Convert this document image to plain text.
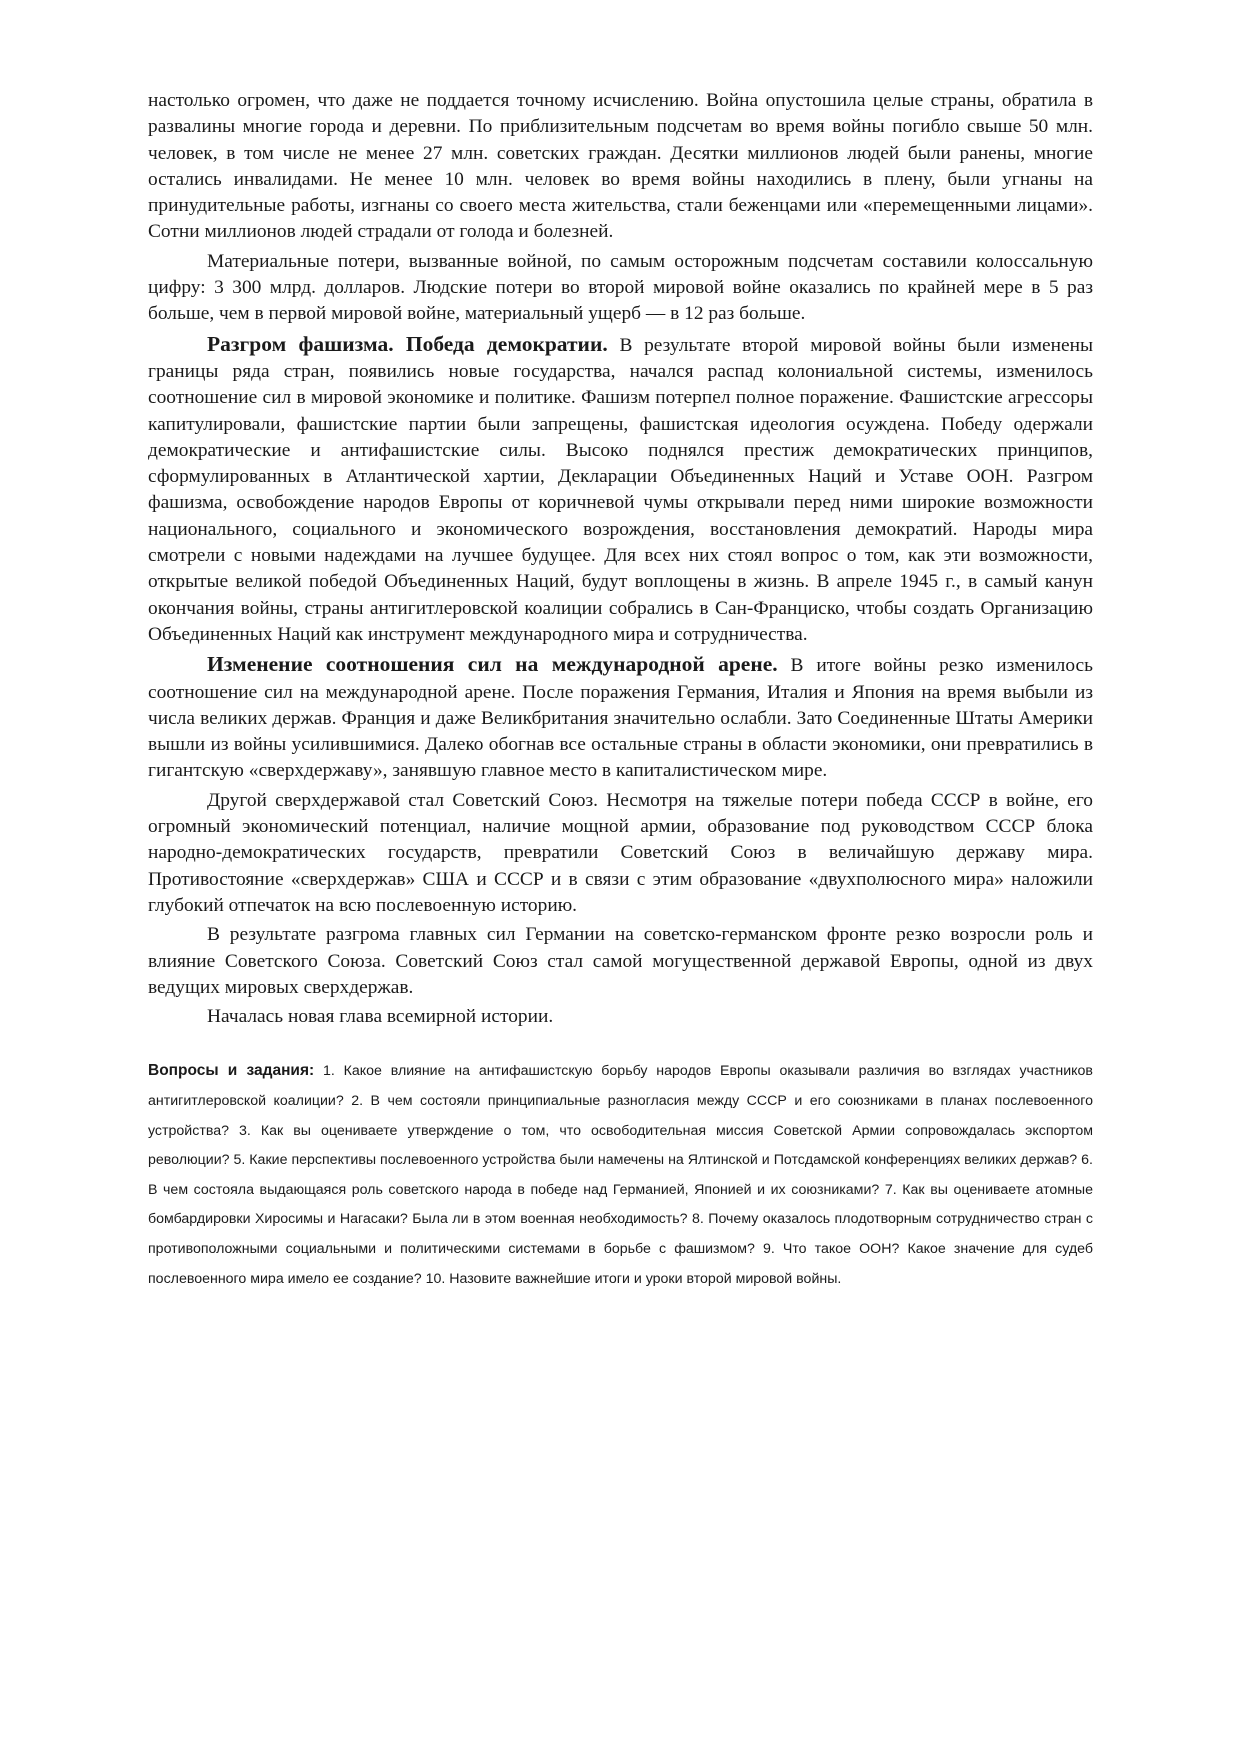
настолько огромен, что даже не поддается точному исчислению. Война опустошила целые страны, обратила в развалины многие города и деревни. По приблизительным подсчетам во время войны погибло свыше 50 млн. человек, в том числе не менее 27 млн. советских граждан. Десятки миллионов людей были ранены, многие остались инвалидами. Не менее 10 млн. человек во время войны находились в плену, были угнаны на принудительные работы, изгнаны со своего места жительства, стали беженцами или «перемещенными лицами». Сотни миллионов людей страдали от голода и болезней.

Материальные потери, вызванные войной, по самым осторожным подсчетам составили колоссальную цифру: 3 300 млрд. долларов. Людские потери во второй мировой войне оказались по крайней мере в 5 раз больше, чем в первой мировой войне, материальный ущерб — в 12 раз больше.

Разгром фашизма. Победа демократии. В результате второй мировой войны были изменены границы ряда стран, появились новые государства, начался распад колониальной системы, изменилось соотношение сил в мировой экономике и политике. Фашизм потерпел полное поражение. Фашистские агрессоры капитулировали, фашистские партии были запрещены, фашистская идеология осуждена. Победу одержали демократические и антифашистские силы. Высоко поднялся престиж демократических принципов, сформулированных в Атлантической хартии, Декларации Объединенных Наций и Уставе ООН. Разгром фашизма, освобождение народов Европы от коричневой чумы открывали перед ними широкие возможности национального, социального и экономического возрождения, восстановления демократий. Народы мира смотрели с новыми надеждами на лучшее будущее. Для всех них стоял вопрос о том, как эти возможности, открытые великой победой Объединенных Наций, будут воплощены в жизнь. В апреле 1945 г., в самый канун окончания войны, страны антигитлеровской коалиции собрались в Сан-Франциско, чтобы создать Организацию Объединенных Наций как инструмент международного мира и сотрудничества.

Изменение соотношения сил на международной арене. В итоге войны резко изменилось соотношение сил на международной арене. После поражения Германия, Италия и Япония на время выбыли из числа великих держав. Франция и даже Великбритания значительно ослабли. Зато Соединенные Штаты Америки вышли из войны усилившимися. Далеко обогнав все остальные страны в области экономики, они превратились в гигантскую «сверхдержаву», занявшую главное место в капиталистическом мире.

Другой сверхдержавой стал Советский Союз. Несмотря на тяжелые потери победа СССР в войне, его огромный экономический потенциал, наличие мощной армии, образование под руководством СССР блока народно-демократических государств, превратили Советский Союз в величайшую державу мира. Противостояние «сверхдержав» США и СССР и в связи с этим образование «двухполюсного мира» наложили глубокий отпечаток на всю послевоенную историю.

В результате разгрома главных сил Германии на советско-германском фронте резко возросли роль и влияние Советского Союза. Советский Союз стал самой могущественной державой Европы, одной из двух ведущих мировых сверхдержав.

Началась новая глава всемирной истории.

Вопросы и задания: 1. Какое влияние на антифашистскую борьбу народов Европы оказывали различия во взглядах участников антигитлеровской коалиции? 2. В чем состояли принципиальные разногласия между СССР и его союзниками в планах послевоенного устройства? 3. Как вы оцениваете утверждение о том, что освободительная миссия Советской Армии сопровождалась экспортом революции? 5. Какие перспективы послевоенного устройства были намечены на Ялтинской и Потсдамской конференциях великих держав? 6. В чем состояла выдающаяся роль советского народа в победе над Германией, Японией и их союзниками? 7. Как вы оцениваете атомные бомбардировки Хиросимы и Нагасаки? Была ли в этом военная необходимость? 8. Почему оказалось плодотворным сотрудничество стран с противоположными социальными и политическими системами в борьбе с фашизмом? 9. Что такое ООН? Какое значение для судеб послевоенного мира имело ее создание? 10. Назовите важнейшие итоги и уроки второй мировой войны.
